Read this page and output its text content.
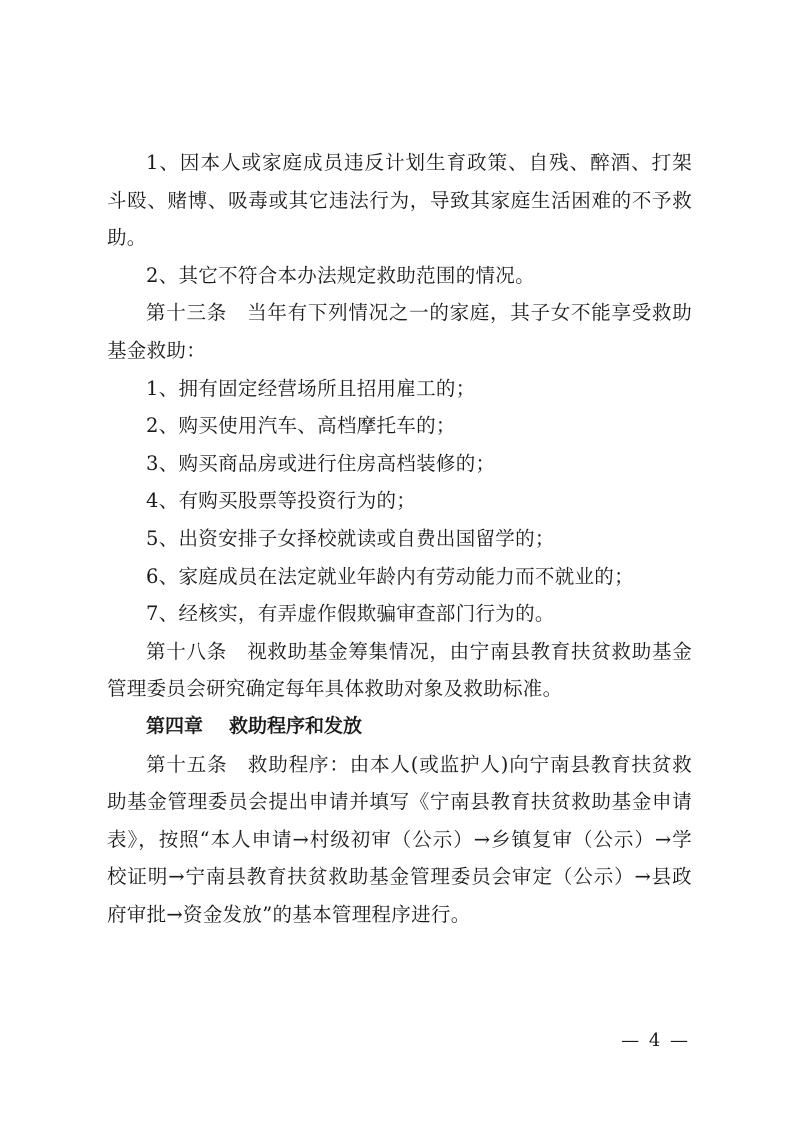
1、因本人或家庭成员违反计划生育政策、自残、醉酒、打架斗殴、赌博、吸毒或其它违法行为，导致其家庭生活困难的不予救助。

2、其它不符合本办法规定救助范围的情况。

第十三条　当年有下列情况之一的家庭，其子女不能享受救助基金救助：

1、拥有固定经营场所且招用雇工的；

2、购买使用汽车、高档摩托车的；

3、购买商品房或进行住房高档装修的；

4、有购买股票等投资行为的；

5、出资安排子女择校就读或自费出国留学的；

6、家庭成员在法定就业年龄内有劳动能力而不就业的；

7、经核实，有弄虚作假欺骗审查部门行为的。

第十八条　视救助基金筹集情况，由宁南县教育扶贫救助基金管理委员会研究确定每年具体救助对象及救助标准。

第四章 救助程序和发放

第十五条　救助程序：由本人(或监护人)向宁南县教育扶贫救助基金管理委员会提出申请并填写《宁南县教育扶贫救助基金申请表》，按照“本人申请→村级初审（公示）→乡镇复审（公示）→学校证明→宁南县教育扶贫救助基金管理委员会审定（公示）→县政府审批→资金发放”的基本管理程序进行。

— 4 —
